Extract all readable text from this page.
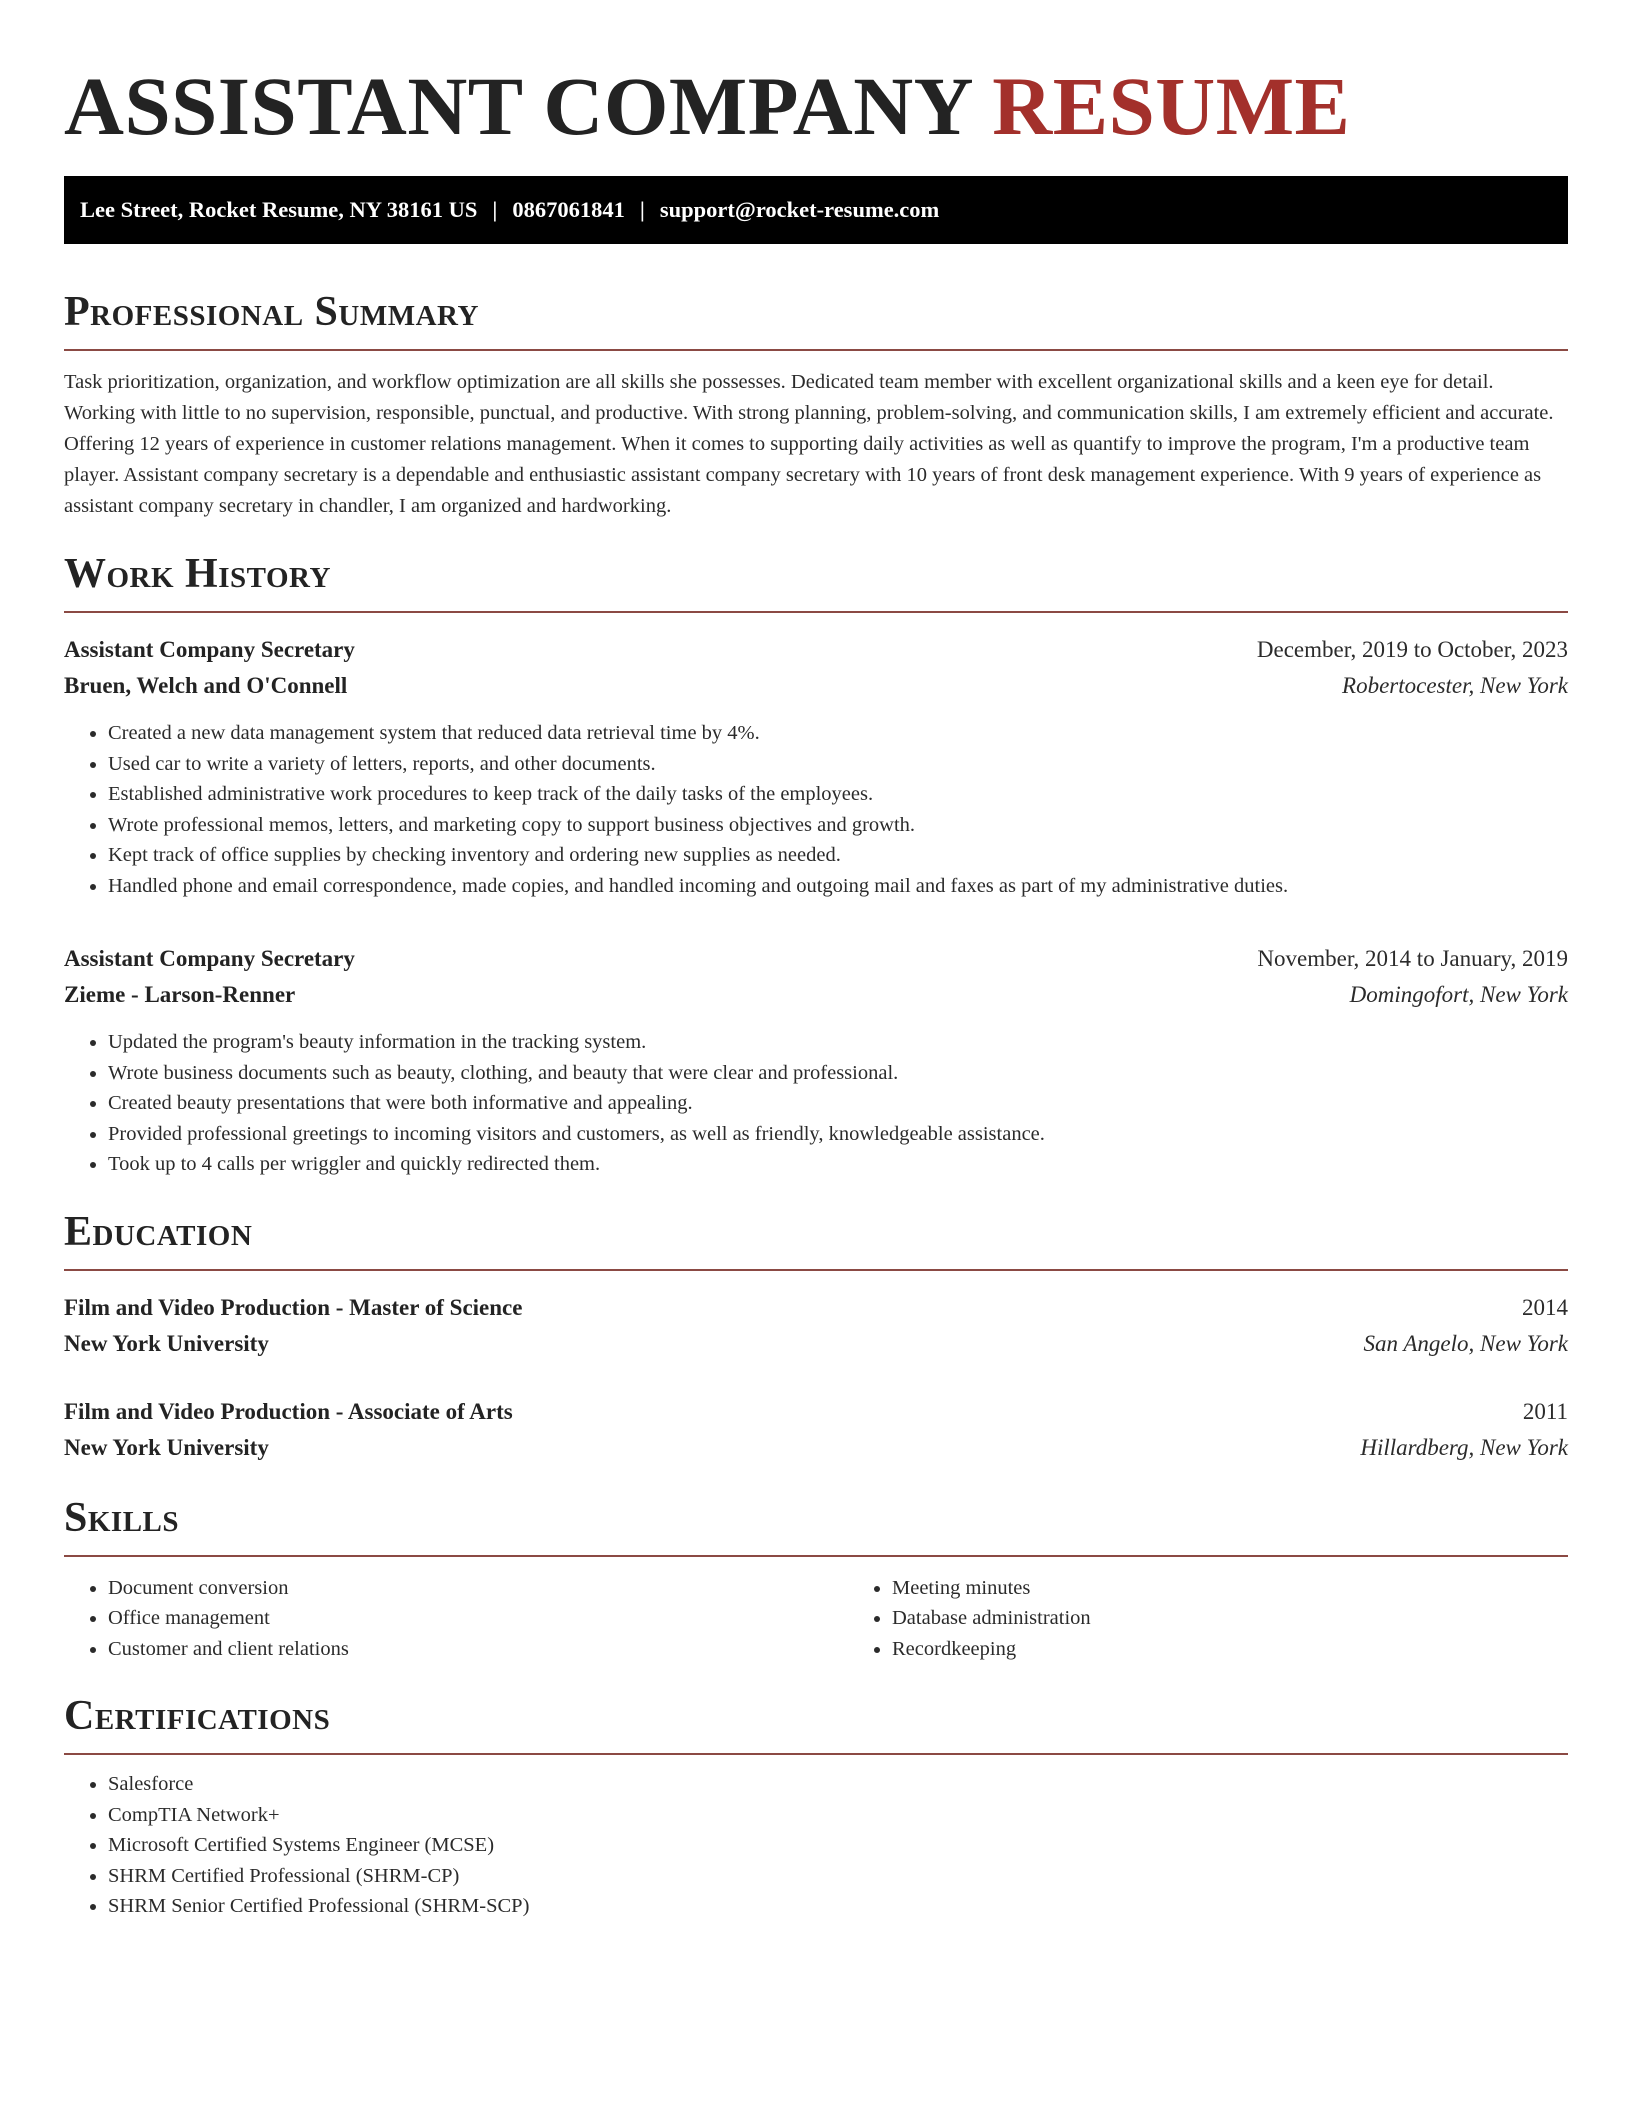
ASSISTANT COMPANY RESUME
Lee Street, Rocket Resume, NY 38161 US | 0867061841 | support@rocket-resume.com
Professional Summary

Task prioritization, organization, and workflow optimization are all skills she possesses. Dedicated team member with excellent organizational skills and a keen eye for detail. Working with little to no supervision, responsible, punctual, and productive. With strong planning, problem-solving, and communication skills, I am extremely efficient and accurate. Offering 12 years of experience in customer relations management. When it comes to supporting daily activities as well as quantify to improve the program, I'm a productive team player. Assistant company secretary is a dependable and enthusiastic assistant company secretary with 10 years of front desk management experience. With 9 years of experience as assistant company secretary in chandler, I am organized and hardworking.

Work History
Assistant Company Secretary	December, 2019 to October, 2023
Bruen, Welch and O'Connell	Robertocester, New York
• Created a new data management system that reduced data retrieval time by 4%.
• Used car to write a variety of letters, reports, and other documents.
• Established administrative work procedures to keep track of the daily tasks of the employees.
• Wrote professional memos, letters, and marketing copy to support business objectives and growth.
• Kept track of office supplies by checking inventory and ordering new supplies as needed.
• Handled phone and email correspondence, made copies, and handled incoming and outgoing mail and faxes as part of my administrative duties.
Assistant Company Secretary	November, 2014 to January, 2019
Zieme - Larson-Renner	Domingofort, New York
• Updated the program's beauty information in the tracking system.
• Wrote business documents such as beauty, clothing, and beauty that were clear and professional.
• Created beauty presentations that were both informative and appealing.
• Provided professional greetings to incoming visitors and customers, as well as friendly, knowledgeable assistance.
• Took up to 4 calls per wriggler and quickly redirected them.
Education
Film and Video Production - Master of Science	2014
New York University	San Angelo, New York
Film and Video Production - Associate of Arts	2011
New York University	Hillardberg, New York
Skills
• Document conversion
• Office management
• Customer and client relations
• Meeting minutes
• Database administration
• Recordkeeping
Certifications
• Salesforce
• CompTIA Network+
• Microsoft Certified Systems Engineer (MCSE)
• SHRM Certified Professional (SHRM-CP)
• SHRM Senior Certified Professional (SHRM-SCP)
